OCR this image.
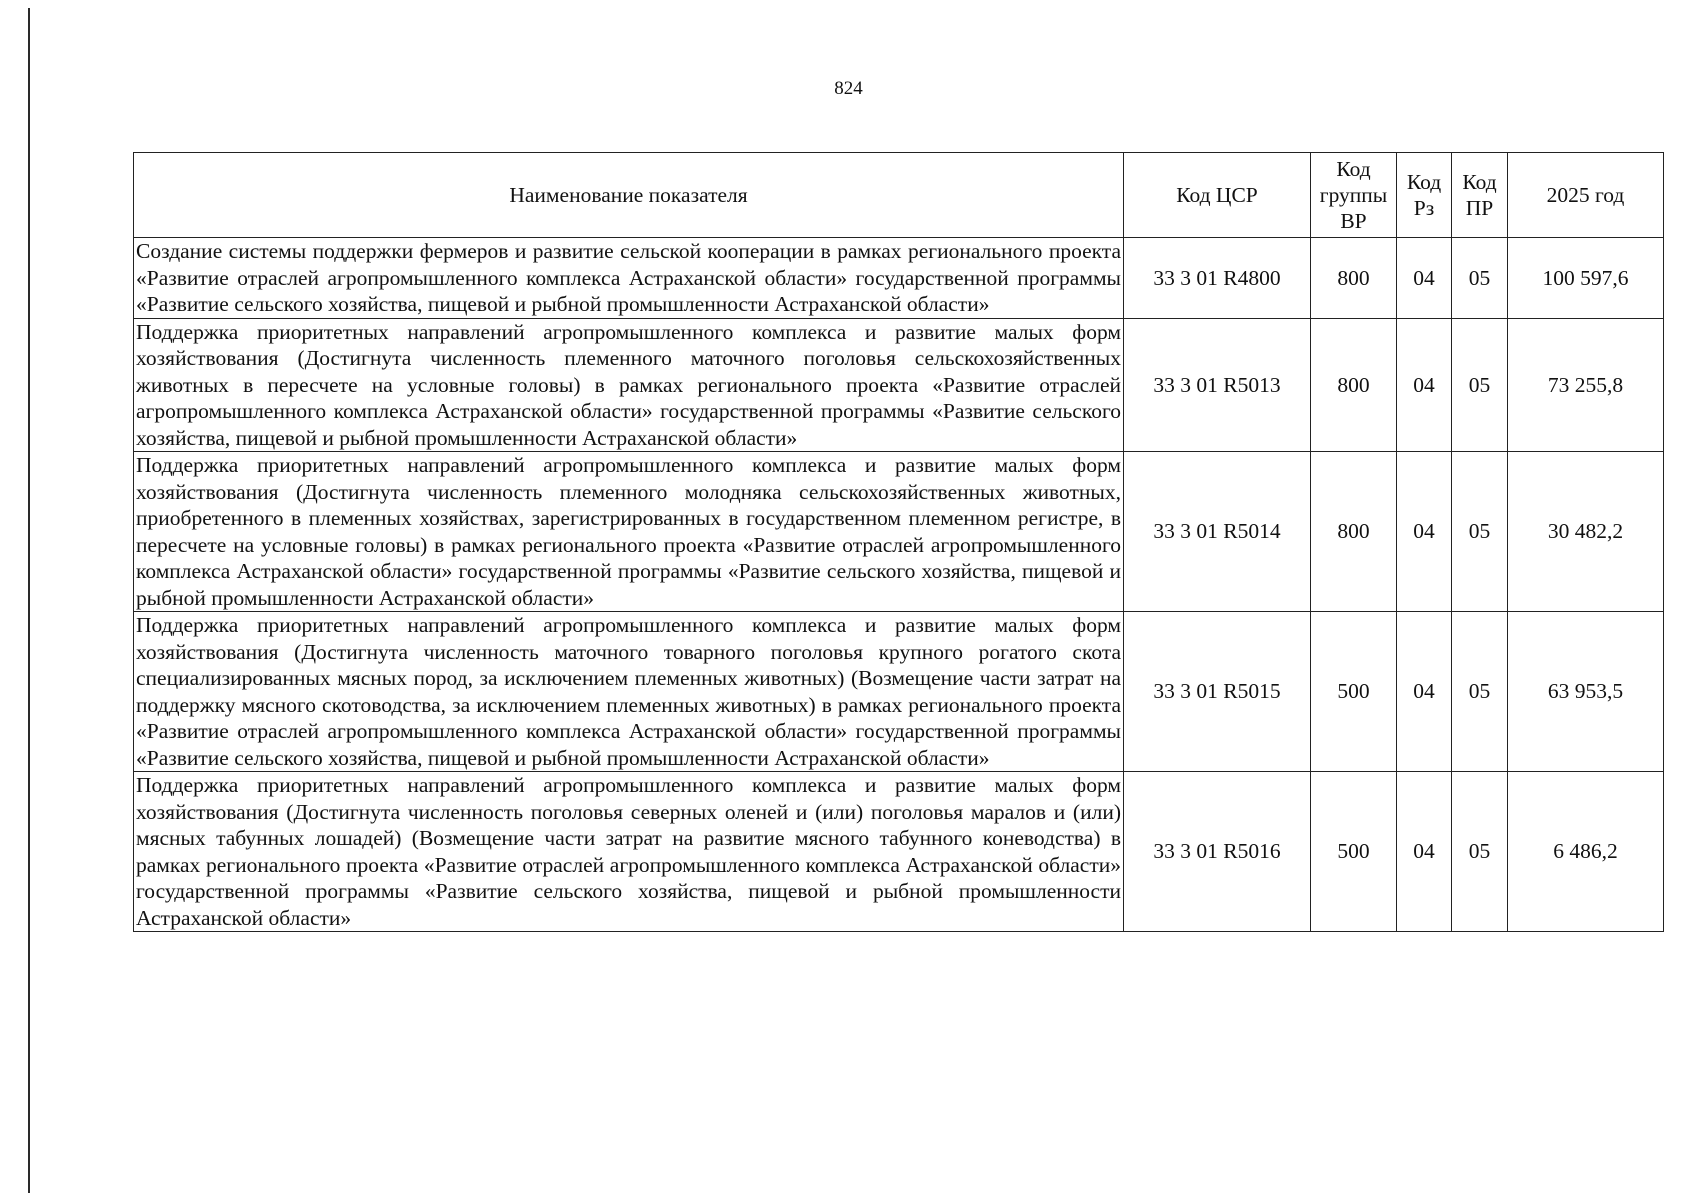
824
Наименование показателя	Код ЦСР	Код группы ВР	Код Рз	Код ПР	2025 год
Создание системы поддержки фермеров и развитие сельской кооперации в рамках регионального проекта «Развитие отраслей агропромышленного комплекса Астраханской области» государственной программы «Развитие сельского хозяйства, пищевой и рыбной промышленности Астраханской области»	33 3 01 R4800	800	04	05	100 597,6
Поддержка приоритетных направлений агропромышленного комплекса и развитие малых форм хозяйствования (Достигнута численность племенного маточного поголовья сельскохозяйственных животных в пересчете на условные головы) в рамках регионального проекта «Развитие отраслей агропромышленного комплекса Астраханской области» государственной программы «Развитие сельского хозяйства, пищевой и рыбной промышленности Астраханской области»	33 3 01 R5013	800	04	05	73 255,8
Поддержка приоритетных направлений агропромышленного комплекса и развитие малых форм хозяйствования (Достигнута численность племенного молодняка сельскохозяйственных животных, приобретенного в племенных хозяйствах, зарегистрированных в государственном племенном регистре, в пересчете на условные головы) в рамках регионального проекта «Развитие отраслей агропромышленного комплекса Астраханской области» государственной программы «Развитие сельского хозяйства, пищевой и рыбной промышленности Астраханской области»	33 3 01 R5014	800	04	05	30 482,2
Поддержка приоритетных направлений агропромышленного комплекса и развитие малых форм хозяйствования (Достигнута численность маточного товарного поголовья крупного рогатого скота специализированных мясных пород, за исключением племенных животных) (Возмещение части затрат на поддержку мясного скотоводства, за исключением племенных животных) в рамках регионального проекта «Развитие отраслей агропромышленного комплекса Астраханской области» государственной программы «Развитие сельского хозяйства, пищевой и рыбной промышленности Астраханской области»	33 3 01 R5015	500	04	05	63 953,5
Поддержка приоритетных направлений агропромышленного комплекса и развитие малых форм хозяйствования (Достигнута численность поголовья северных оленей и (или) поголовья маралов и (или) мясных табунных лошадей) (Возмещение части затрат на развитие мясного табунного коневодства) в рамках регионального проекта «Развитие отраслей агропромышленного комплекса Астраханской области» государственной программы «Развитие сельского хозяйства, пищевой и рыбной промышленности Астраханской области»	33 3 01 R5016	500	04	05	6 486,2
